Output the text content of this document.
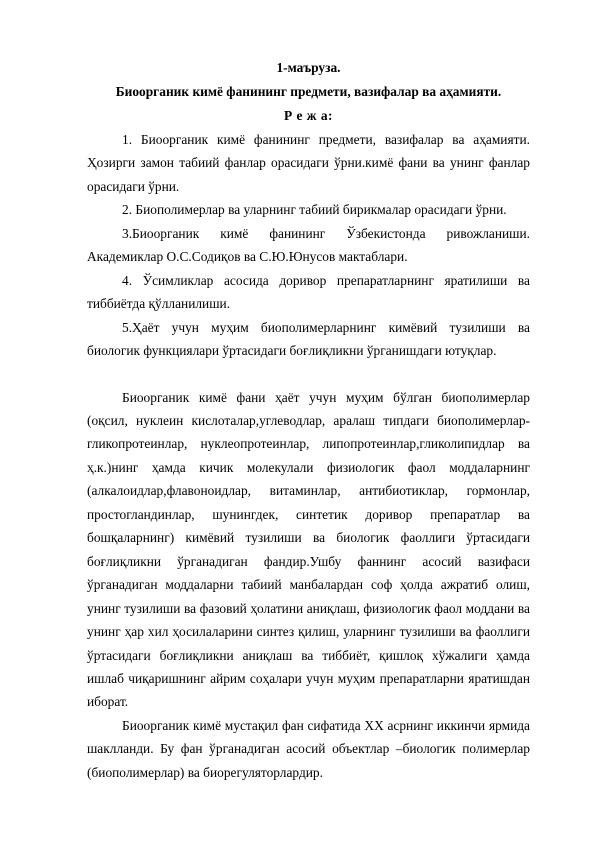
1-маъруза.

Биоорганик кимё фанининг предмети, вазифалар ва аҳамияти.

Р е ж а:

1. Биоорганик кимё фанининг предмети, вазифалар ва аҳамияти. Ҳозирги замон табиий фанлар орасидаги ўрни.кимё фани ва унинг фанлар орасидаги ўрни.

2. Биополимерлар ва уларнинг табиий бирикмалар орасидаги ўрни.

3.Биоорганик кимё фанининг Ўзбекистонда ривожланиши. Академиклар О.С.Содиқов ва С.Ю.Юнусов мактаблари.

4. Ўсимликлар асосида доривор препаратларнинг яратилиши ва тиббиётда қўлланилиши.

5.Ҳаёт учун муҳим биополимерларнинг кимёвий тузилиши ва биологик функциялари ўртасидаги боғлиқликни ўрганишдаги ютуқлар.

Биоорганик кимё фани ҳаёт учун муҳим бўлган биополимерлар (оқсил, нуклеин кислоталар,углеводлар, аралаш типдаги биополимерлар-гликопротеинлар, нуклеопротеинлар, липопротеинлар,гликолипидлар ва ҳ.к.)нинг ҳамда кичик молекулали физиологик фаол моддаларнинг (алкалоидлар,флавоноидлар, витаминлар, антибиотиклар, гормонлар, простогландинлар, шунингдек, синтетик доривор препаратлар ва бошқаларнинг) кимёвий тузилиши ва биологик фаоллиги ўртасидаги боғлиқликни ўрганадиган фандир.Ушбу фаннинг асосий вазифаси ўрганадиган моддаларни табиий манбалардан соф ҳолда ажратиб олиш, унинг тузилиши ва фазовий ҳолатини аниқлаш, физиологик фаол моддани ва унинг ҳар хил ҳосилаларини синтез қилиш, уларнинг тузилиши ва фаоллиги ўртасидаги боғлиқликни аниқлаш ва тиббиёт, қишлоқ хўжалиги ҳамда ишлаб чиқаришнинг айрим соҳалари учун муҳим препаратларни яратишдан иборат.

Биоорганик кимё мустақил фан сифатида XX асрнинг иккинчи ярмида шаклланди. Бу фан ўрганадиган асосий объектлар –биологик полимерлар (биополимерлар) ва биорегуляторлардир.
